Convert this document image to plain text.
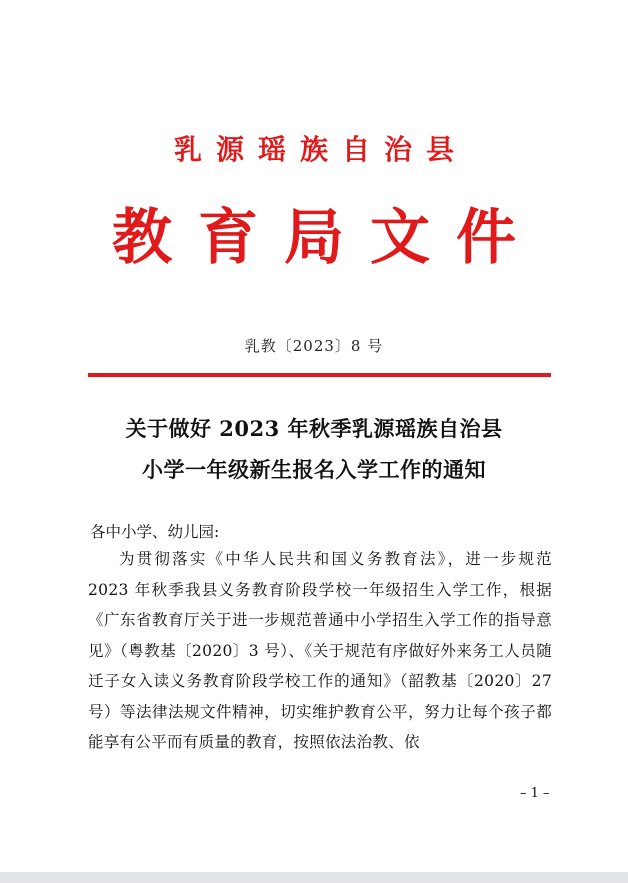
乳源瑶族自治县
教育局文件
乳教〔2023〕8 号
关于做好 2023 年秋季乳源瑶族自治县
小学一年级新生报名入学工作的通知
各中小学、幼儿园:
为贯彻落实《中华人民共和国义务教育法》，进一步规范 2023 年秋季我县义务教育阶段学校一年级招生入学工作，根据《广东省教育厅关于进一步规范普通中小学招生入学工作的指导意见》（粤教基〔2020〕3 号）、《关于规范有序做好外来务工人员随迁子女入读义务教育阶段学校工作的通知》（韶教基〔2020〕27 号）等法律法规文件精神，切实维护教育公平，努力让每个孩子都能享有公平而有质量的教育，按照依法治教、依
– 1 –
